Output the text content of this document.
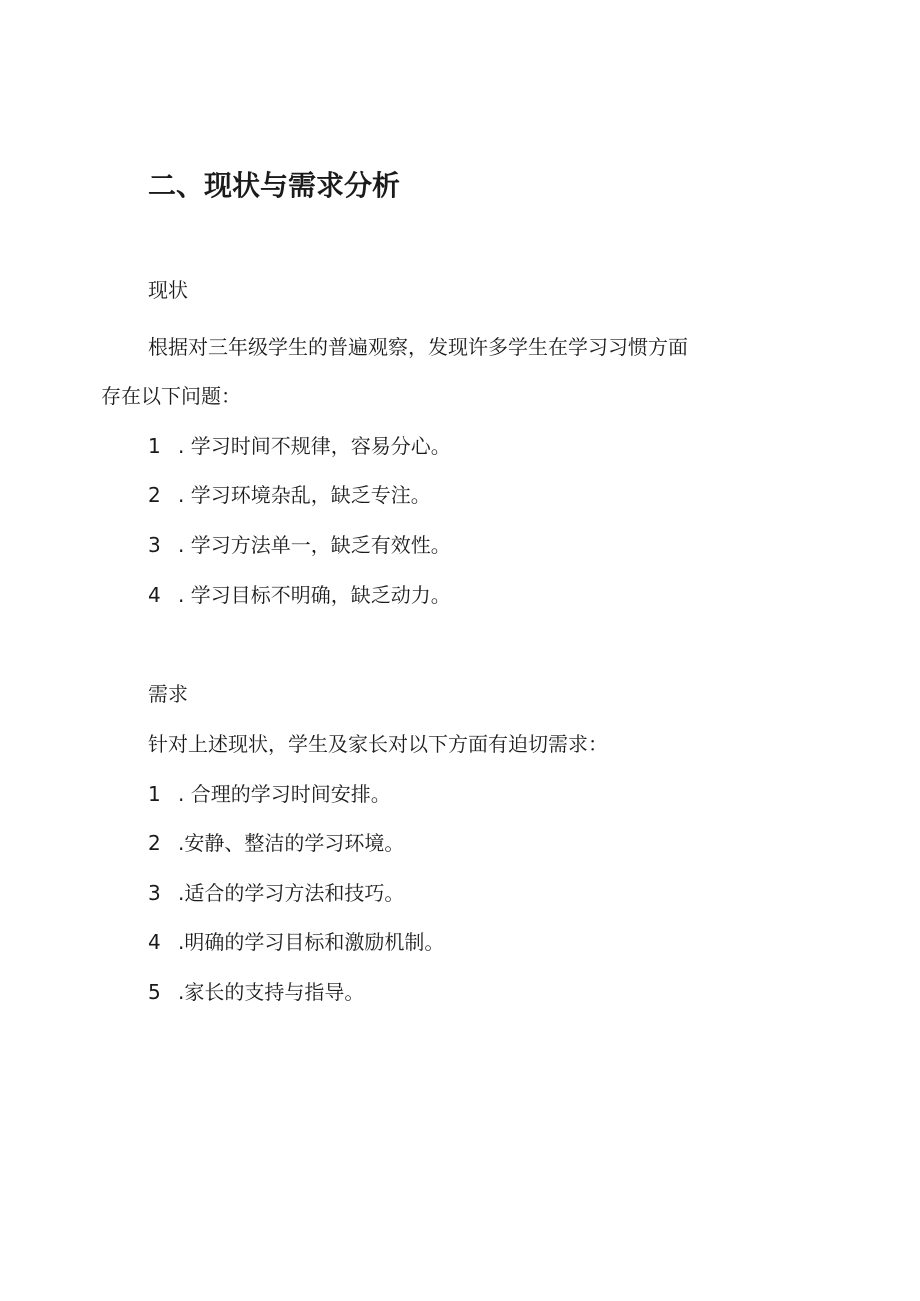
二、现状与需求分析
现状
根据对三年级学生的普遍观察，发现许多学生在学习习惯方面
存在以下问题：
1 . 学习时间不规律，容易分心。
2 . 学习环境杂乱，缺乏专注。
3 . 学习方法单一，缺乏有效性。
4 . 学习目标不明确，缺乏动力。
需求
针对上述现状，学生及家长对以下方面有迫切需求：
1 . 合理的学习时间安排。
2 .安静、整洁的学习环境。
3 .适合的学习方法和技巧。
4 .明确的学习目标和激励机制。
5 .家长的支持与指导。
